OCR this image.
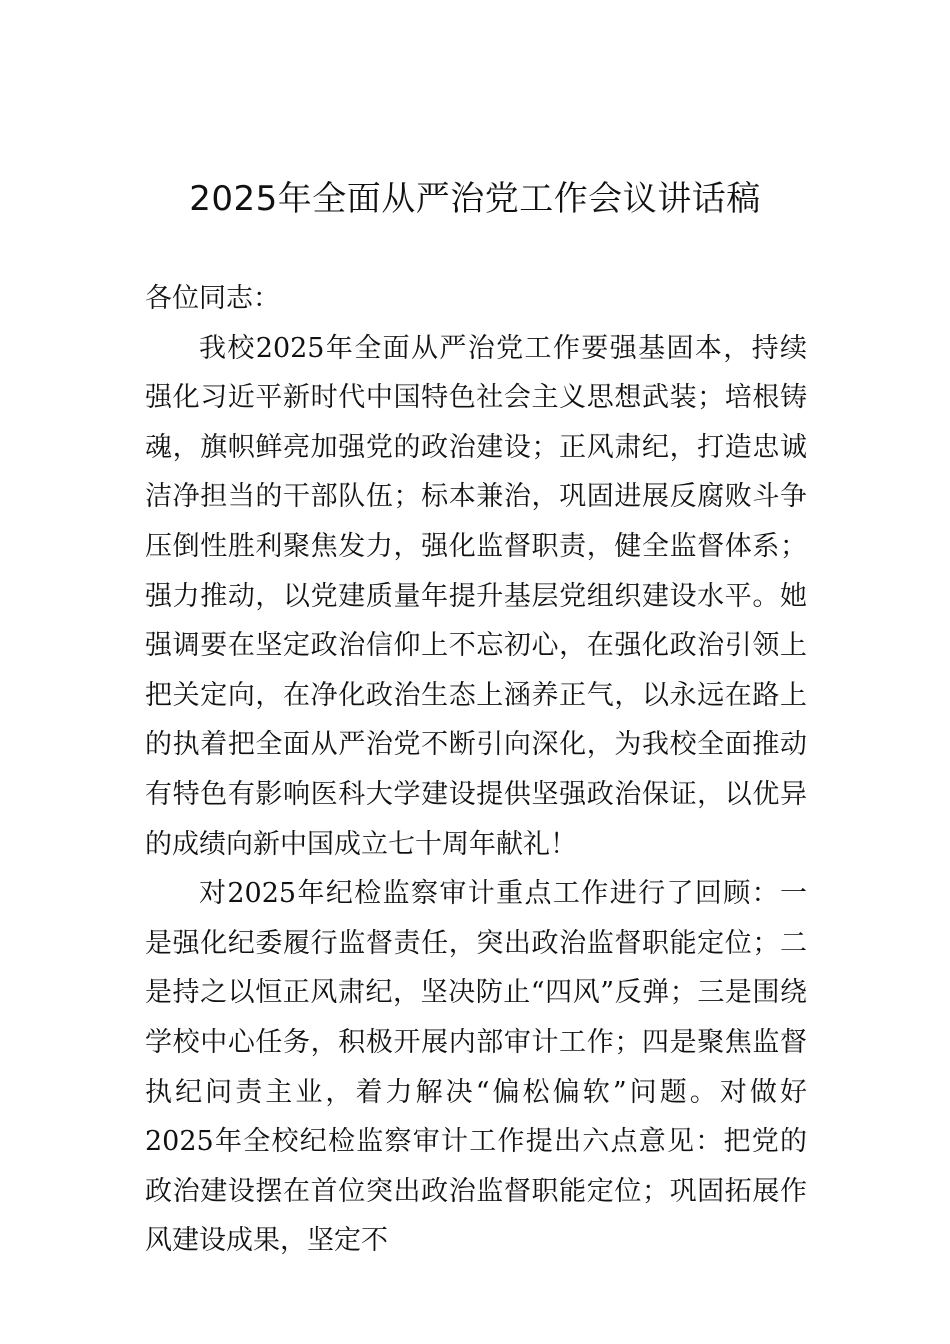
2025年全面从严治党工作会议讲话稿

各位同志：

我校2025年全面从严治党工作要强基固本，持续强化习近平新时代中国特色社会主义思想武装；培根铸魂，旗帜鲜亮加强党的政治建设；正风肃纪，打造忠诚洁净担当的干部队伍；标本兼治，巩固进展反腐败斗争压倒性胜利聚焦发力，强化监督职责，健全监督体系；强力推动，以党建质量年提升基层党组织建设水平。她强调要在坚定政治信仰上不忘初心，在强化政治引领上把关定向，在净化政治生态上涵养正气，以永远在路上的执着把全面从严治党不断引向深化，为我校全面推动有特色有影响医科大学建设提供坚强政治保证，以优异的成绩向新中国成立七十周年献礼！

对2025年纪检监察审计重点工作进行了回顾：一是强化纪委履行监督责任，突出政治监督职能定位；二是持之以恒正风肃纪，坚决防止“四风”反弹；三是围绕学校中心任务，积极开展内部审计工作；四是聚焦监督执纪问责主业，着力解决“偏松偏软”问题。对做好2025年全校纪检监察审计工作提出六点意见：把党的政治建设摆在首位突出政治监督职能定位；巩固拓展作风建设成果，坚定不
